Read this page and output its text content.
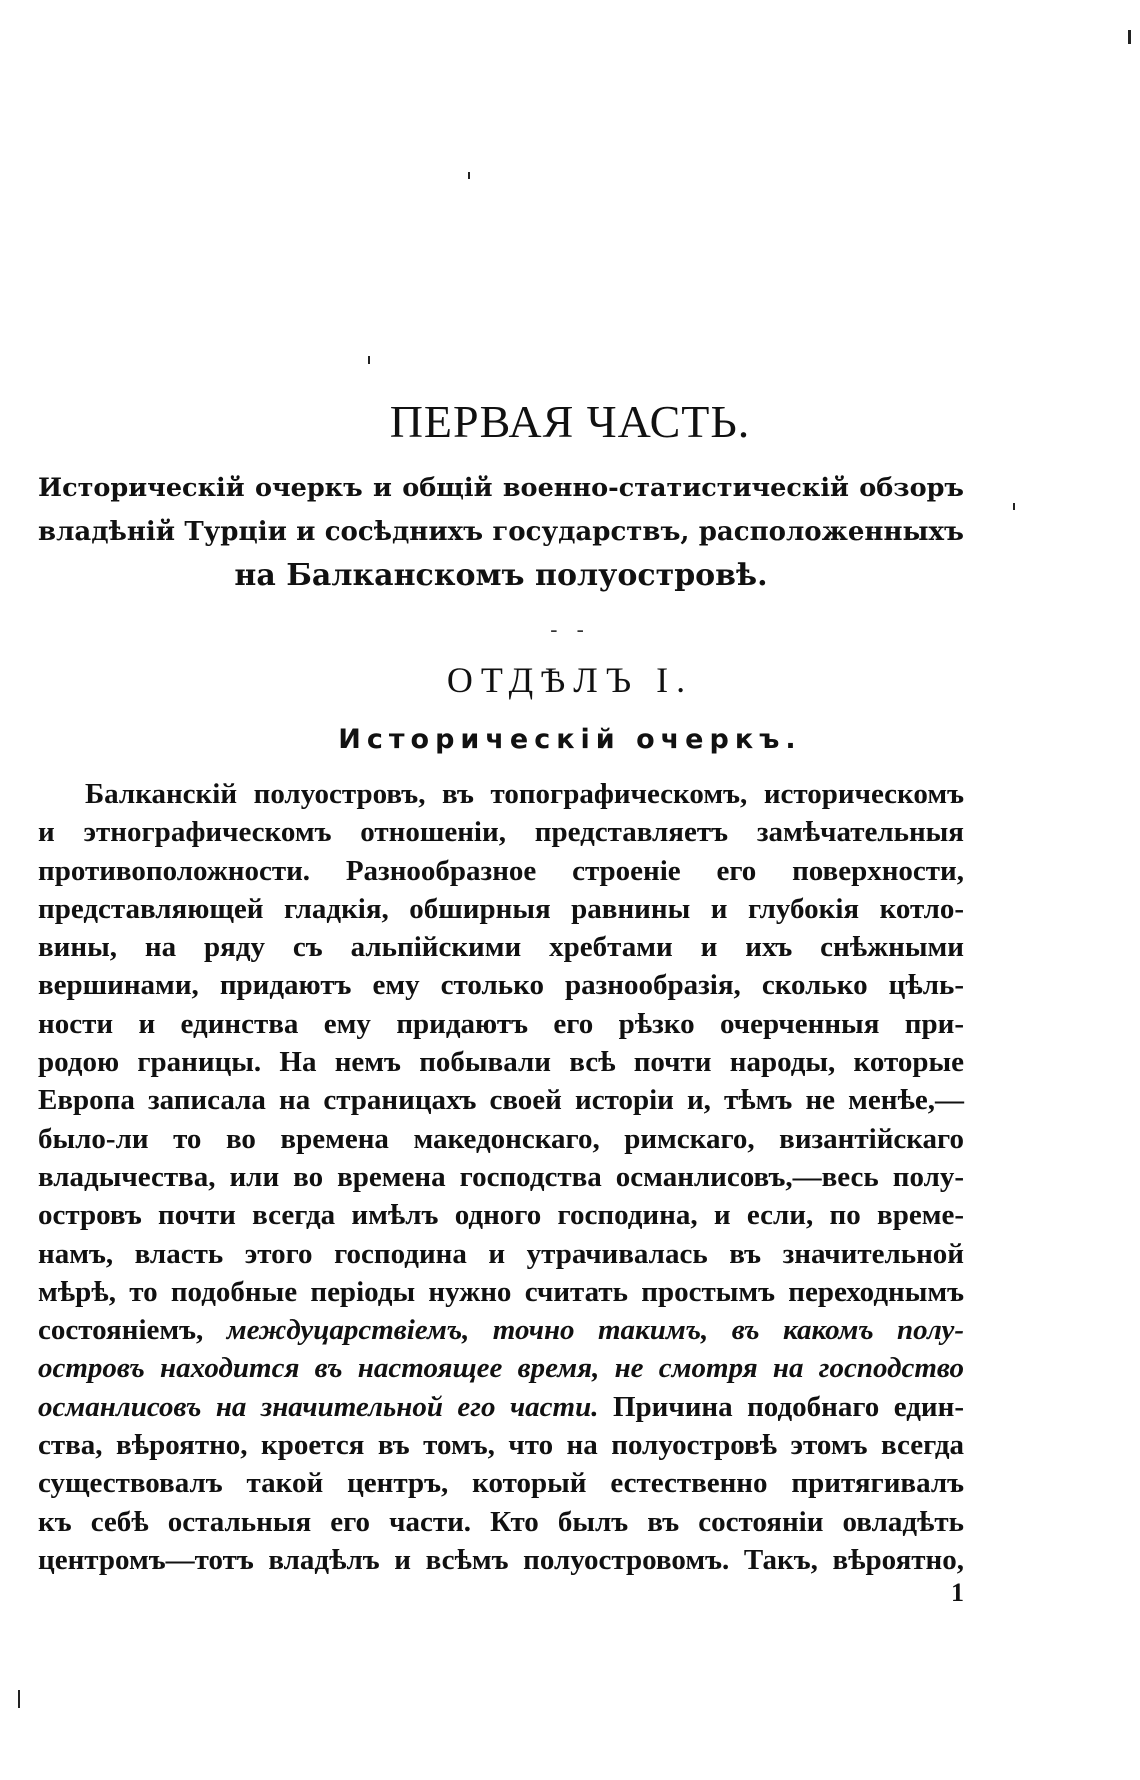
ПЕРВАЯ ЧАСТЬ.
Историческій очеркъ и общій военно-статистическій обзоръ
владѣній Турціи и сосѣднихъ государствъ, расположенныхъ
на Балканскомъ полуостровѣ.
- -
ОТДѢЛЪ I.
Историческій очеркъ.
Балканскій полуостровъ, въ топографическомъ, историческомъ
и этнографическомъ отношеніи, представляетъ замѣчательныя
противоположности. Разнообразное строеніе его поверхности,
представляющей гладкія, обширныя равнины и глубокія котло-
вины, на ряду съ альпійскими хребтами и ихъ снѣжными
вершинами, придаютъ ему столько разнообразія, сколько цѣль-
ности и единства ему придаютъ его рѣзко очерченныя при-
родою границы. На немъ побывали всѣ почти народы, которые
Европа записала на страницахъ своей исторіи и, тѣмъ не менѣе,—
было-ли то во времена македонскаго, римскаго, византійскаго
владычества, или во времена господства османлисовъ,—весь полу-
островъ почти всегда имѣлъ одного господина, и если, по време-
намъ, власть этого господина и утрачивалась въ значительной
мѣрѣ, то подобные періоды нужно считать простымъ переходнымъ
состояніемъ, междуцарствіемъ, точно такимъ, въ какомъ полу-
островъ находится въ настоящее время, не смотря на господство
османлисовъ на значительной его части. Причина подобнаго един-
ства, вѣроятно, кроется въ томъ, что на полуостровѣ этомъ всегда
существовалъ такой центръ, который естественно притягивалъ
къ себѣ остальныя его части. Кто былъ въ состояніи овладѣть
центромъ—тотъ владѣлъ и всѣмъ полуостровомъ. Такъ, вѣроятно,
1
